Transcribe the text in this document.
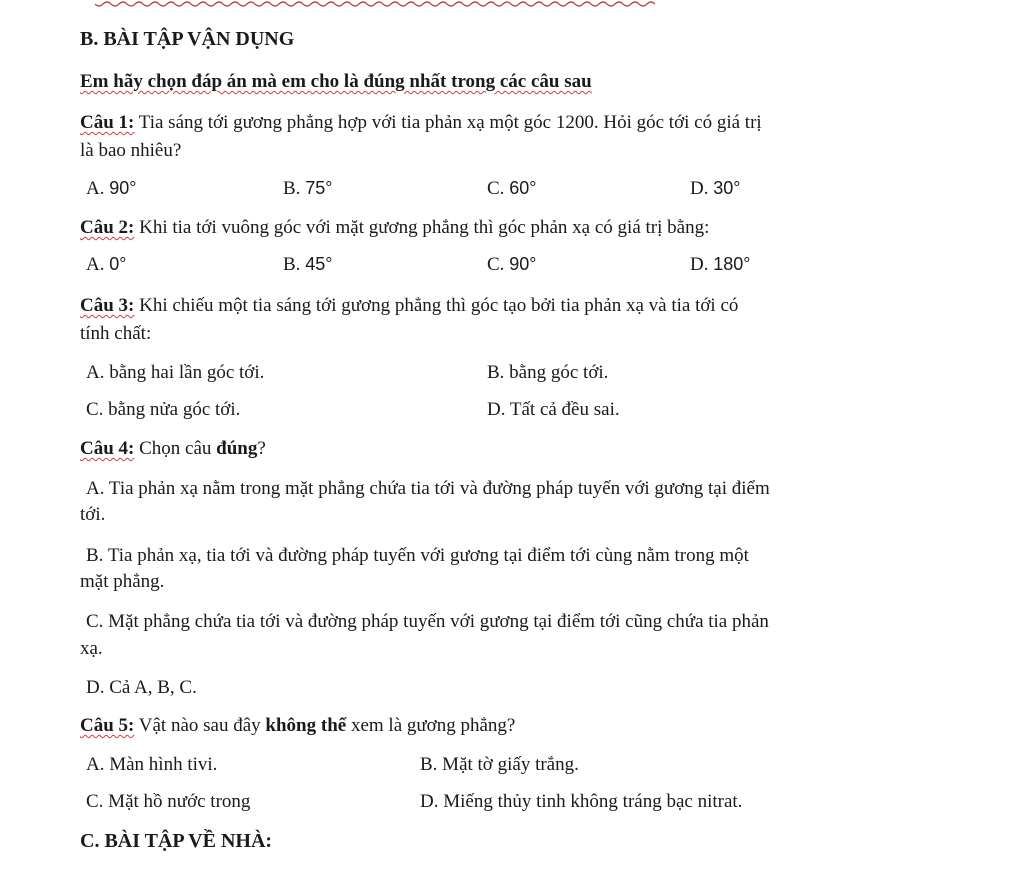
B. BÀI TẬP VẬN DỤNG
Em hãy chọn đáp án mà em cho là đúng nhất trong các câu sau
Câu 1: Tia sáng tới gương phẳng hợp với tia phản xạ một góc 1200. Hỏi góc tới có giá trị
là bao nhiêu?
A. 90°	B. 75°	C. 60°	D. 30°
Câu 2: Khi tia tới vuông góc với mặt gương phẳng thì góc phản xạ có giá trị bằng:
A. 0°	B. 45°	C. 90°	D. 180°
Câu 3: Khi chiếu một tia sáng tới gương phẳng thì góc tạo bởi tia phản xạ và tia tới có
tính chất:
A. bằng hai lần góc tới.	B. bằng góc tới.
C. bằng nửa góc tới.	D. Tất cả đều sai.
Câu 4: Chọn câu đúng?
A. Tia phản xạ nằm trong mặt phẳng chứa tia tới và đường pháp tuyến với gương tại điểm
tới.
B. Tia phản xạ, tia tới và đường pháp tuyến với gương tại điểm tới cùng nằm trong một
mặt phẳng.
C. Mặt phẳng chứa tia tới và đường pháp tuyến với gương tại điểm tới cũng chứa tia phản
xạ.
D. Cả A, B, C.
Câu 5: Vật nào sau đây không thể xem là gương phẳng?
A. Màn hình tivi.	B. Mặt tờ giấy trắng.
C. Mặt hồ nước trong	D. Miếng thủy tinh không tráng bạc nitrat.
C. BÀI TẬP VỀ NHÀ:
